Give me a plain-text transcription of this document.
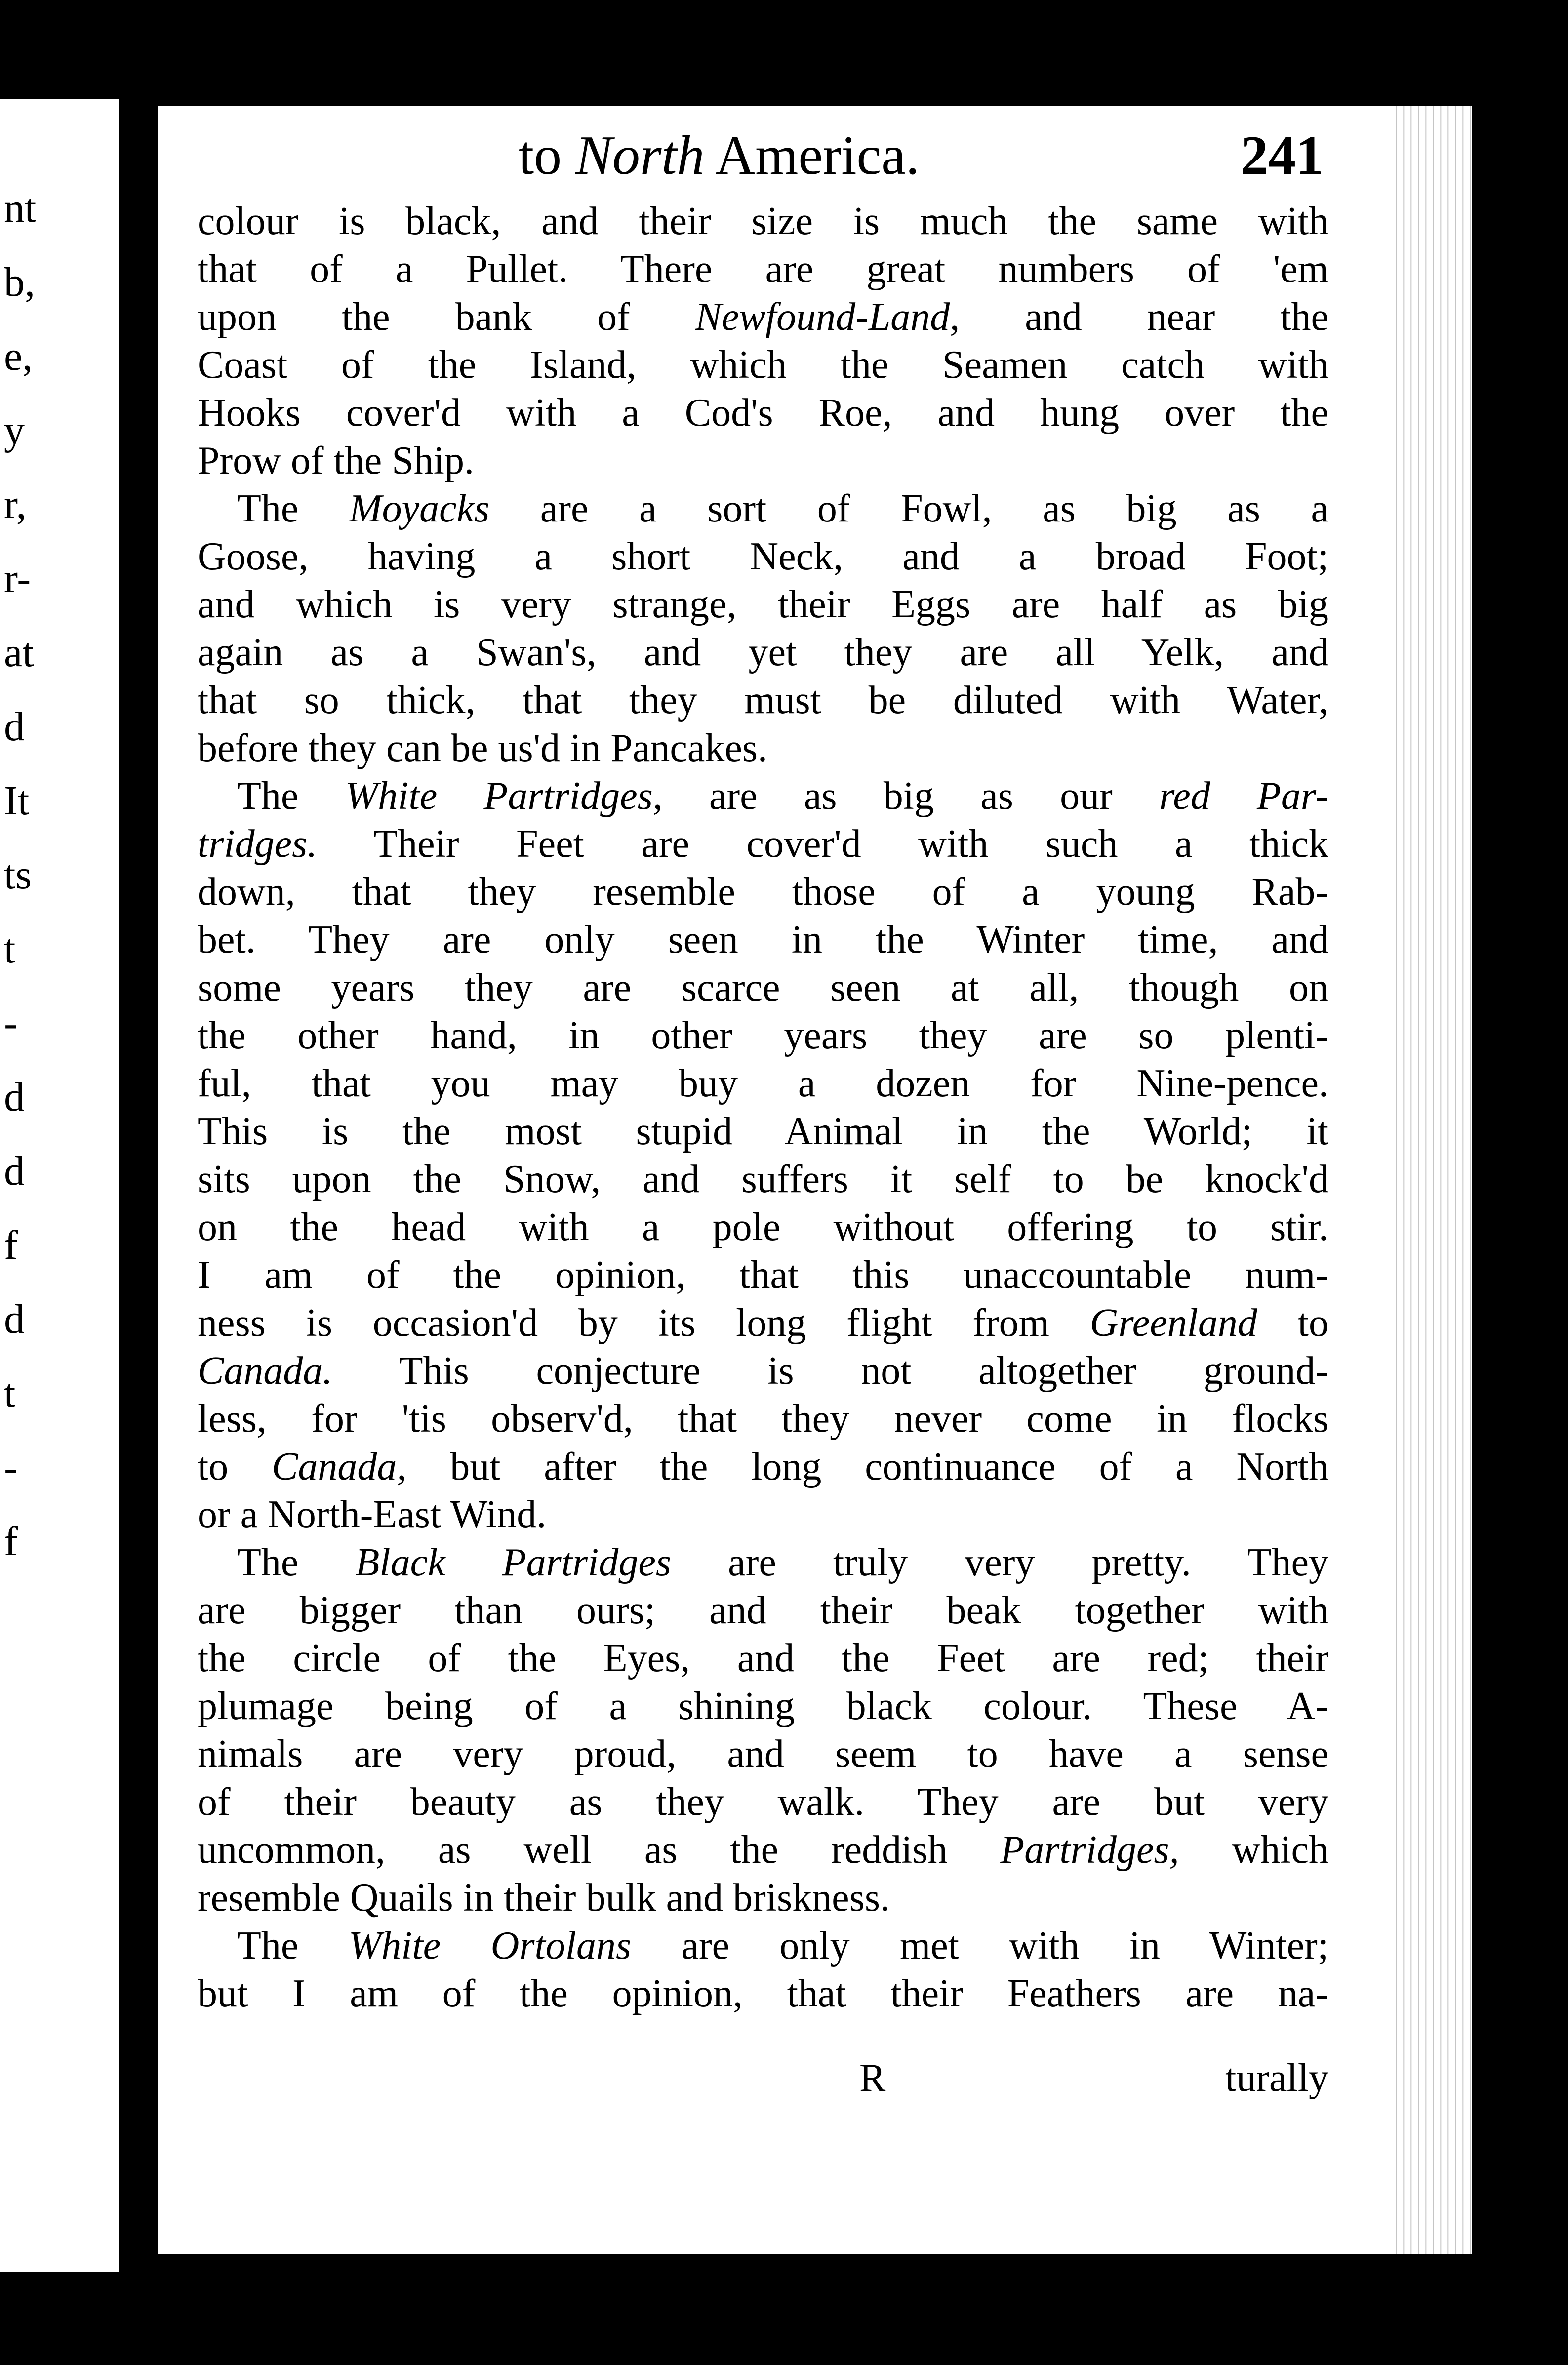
nt
b,
e,
y
r,
r-
at
d
It
ts
t
-
d
d
f
d
t
-
f
to North America.	241
colour is black, and their size is much the same with
that of a Pullet. There are great numbers of 'em
upon the bank of Newfound-Land, and near the
Coast of the Island, which the Seamen catch with
Hooks cover'd with a Cod's Roe, and hung over the
Prow of the Ship.
The Moyacks are a sort of Fowl, as big as a
Goose, having a short Neck, and a broad Foot;
and which is very strange, their Eggs are half as big
again as a Swan's, and yet they are all Yelk, and
that so thick, that they must be diluted with Water,
before they can be us'd in Pancakes.
The White Partridges, are as big as our red Par-
tridges. Their Feet are cover'd with such a thick
down, that they resemble those of a young Rab-
bet. They are only seen in the Winter time, and
some years they are scarce seen at all, though on
the other hand, in other years they are so plenti-
ful, that you may buy a dozen for Nine-pence.
This is the most stupid Animal in the World; it
sits upon the Snow, and suffers it self to be knock'd
on the head with a pole without offering to stir.
I am of the opinion, that this unaccountable num-
ness is occasion'd by its long flight from Greenland to
Canada. This conjecture is not altogether ground-
less, for 'tis observ'd, that they never come in flocks
to Canada, but after the long continuance of a North
or a North-East Wind.
The Black Partridges are truly very pretty. They
are bigger than ours; and their beak together with
the circle of the Eyes, and the Feet are red; their
plumage being of a shining black colour. These A-
nimals are very proud, and seem to have a sense
of their beauty as they walk. They are but very
uncommon, as well as the reddish Partridges, which
resemble Quails in their bulk and briskness.
The White Ortolans are only met with in Winter;
but I am of the opinion, that their Feathers are na-
R	turally
